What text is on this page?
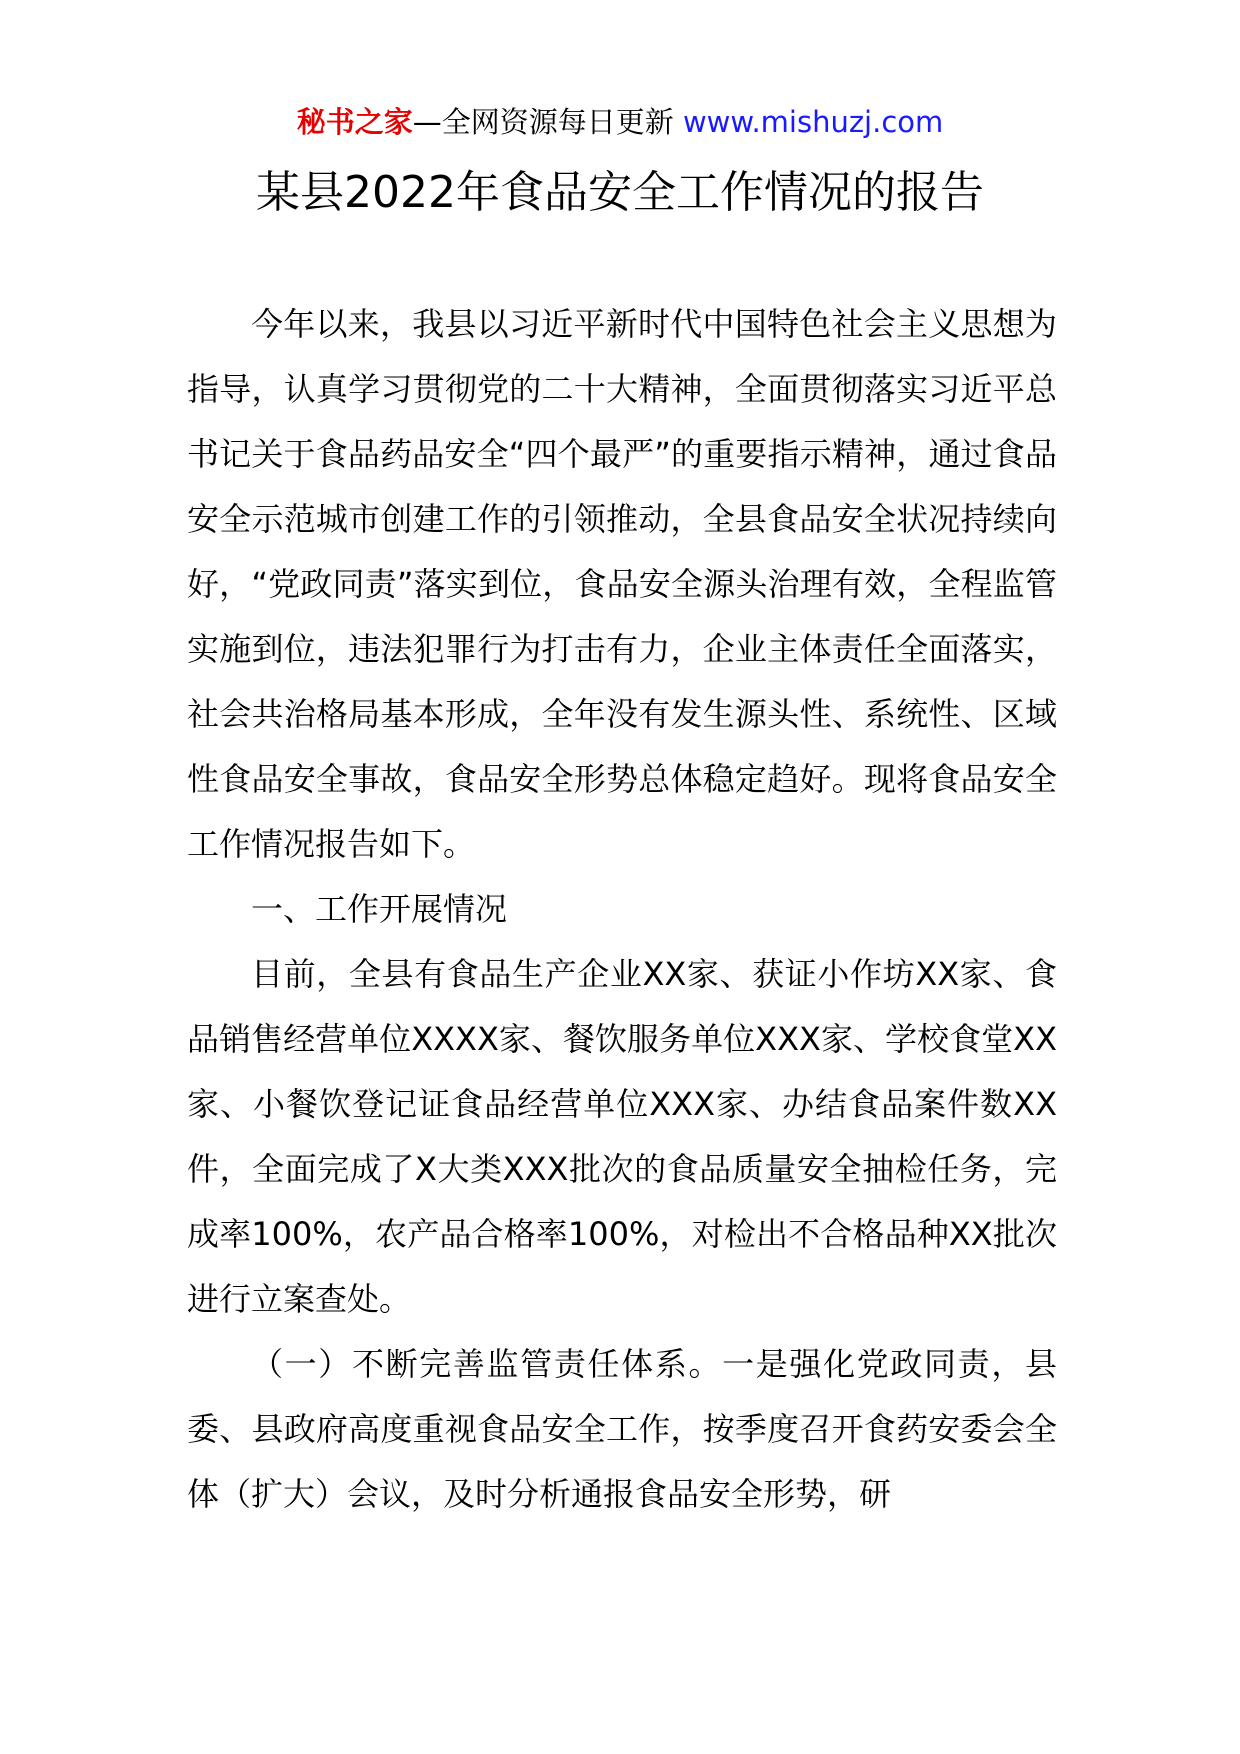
秘书之家—全网资源每日更新 www.mishuzj.com
某县2022年食品安全工作情况的报告

今年以来，我县以习近平新时代中国特色社会主义思想为指导，认真学习贯彻党的二十大精神，全面贯彻落实习近平总书记关于食品药品安全“四个最严”的重要指示精神，通过食品安全示范城市创建工作的引领推动，全县食品安全状况持续向好，“党政同责”落实到位，食品安全源头治理有效，全程监管实施到位，违法犯罪行为打击有力，企业主体责任全面落实，社会共治格局基本形成，全年没有发生源头性、系统性、区域性食品安全事故，食品安全形势总体稳定趋好。现将食品安全工作情况报告如下。

一、工作开展情况

目前，全县有食品生产企业XX家、获证小作坊XX家、食品销售经营单位XXXX家、餐饮服务单位XXX家、学校食堂XX家、小餐饮登记证食品经营单位XXX家、办结食品案件数XX件，全面完成了X大类XXX批次的食品质量安全抽检任务，完成率100%，农产品合格率100%，对检出不合格品种XX批次进行立案查处。

（一）不断完善监管责任体系。一是强化党政同责，县委、县政府高度重视食品安全工作，按季度召开食药安委会全体（扩大）会议，及时分析通报食品安全形势，研
